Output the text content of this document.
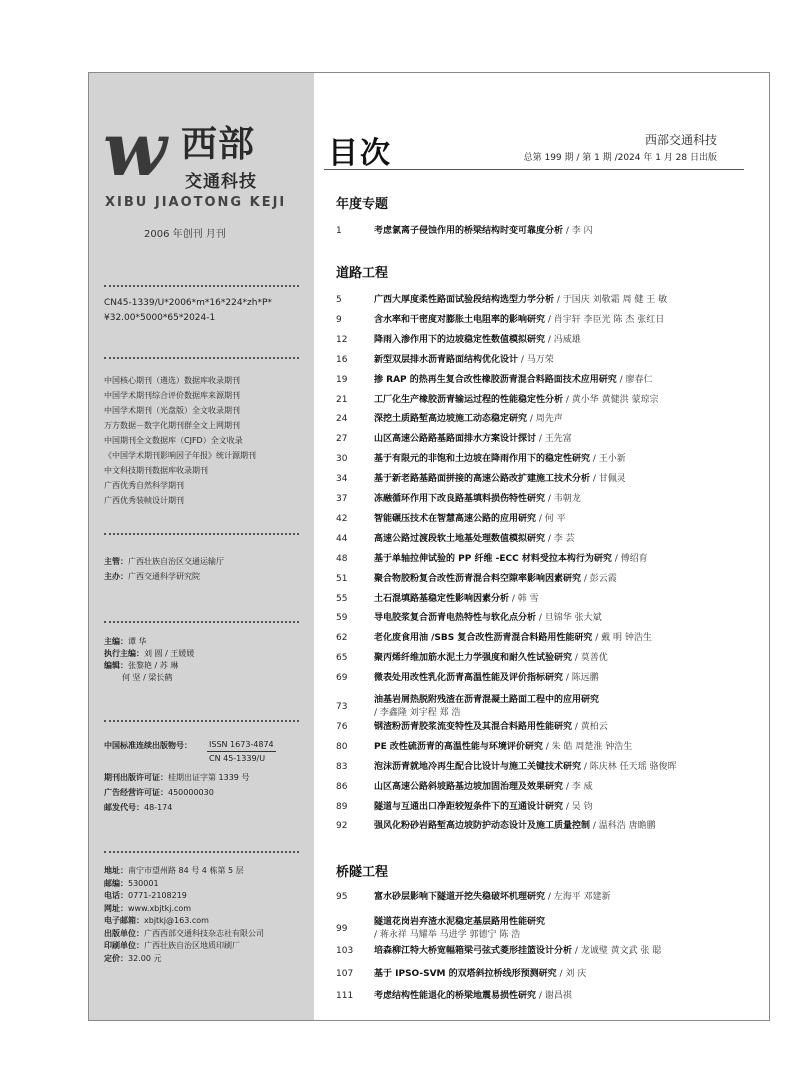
w 西部
交通科技
XIBU JIAOTONG KEJI
2006 年创刊 月刊
CN45-1339/U*2006*m*16*224*zh*P*
¥32.00*5000*65*2024-1
中国核心期刊（遴选）数据库收录期刊
中国学术期刊综合评价数据库来源期刊
中国学术期刊（光盘版）全文收录期刊
万方数据－数字化期刊群全文上网期刊
中国期刊全文数据库（CJFD）全文收录
《中国学术期刊影响因子年报》统计源期刊
中文科技期刊数据库收录期刊
广西优秀自然科学期刊
广西优秀装帧设计期刊
主管：广西壮族自治区交通运输厅
主办：广西交通科学研究院
主编：谭 华
执行主编：刘 圆 / 王媛媛
编辑：张黎艳 / 苏 琳
何 坚 / 梁长鹤
中国标准连续出版物号： ISSN 1673-4874
CN 45-1339/U
期刊出版许可证：桂期出证字第 1339 号
广告经营许可证：450000030
邮发代号：48-174
地址：南宁市望州路 84 号 4 栋第 5 层
邮编：530001
电话：0771-2108219
网址：www.xbjtkj.com
电子邮箱：xbjtkj@163.com
出版单位：广西西部交通科技杂志社有限公司
印刷单位：广西壮族自治区地质印刷厂
定价：32.00 元
目次	西部交通科技
总第 199 期 / 第 1 期 /2024 年 1 月 28 日出版
年度专题
1	考虑氯离子侵蚀作用的桥梁结构时变可靠度分析 / 李 闪
道路工程
5	广西大厚度柔性路面试验段结构选型力学分析 / 于国庆 刘敬霜 周 健 王 敏
9	含水率和干密度对膨胀土电阻率的影响研究 / 肖宇轩 李臣光 陈 杰 张红日
12	降雨入渗作用下的边坡稳定性数值模拟研究 / 冯威雄
16	新型双层排水沥青路面结构优化设计 / 马万荣
19	掺 RAP 的热再生复合改性橡胶沥青混合料路面技术应用研究 / 廖春仁
21	工厂化生产橡胶沥青输运过程的性能稳定性分析 / 黄小华 黄健洪 蒙琼宗
24	深挖土质路堑高边坡施工动态稳定研究 / 周先声
27	山区高速公路路基路面排水方案设计探讨 / 王先富
30	基于有限元的非饱和土边坡在降雨作用下的稳定性研究 / 王小新
34	基于新老路基路面拼接的高速公路改扩建施工技术分析 / 甘佩灵
37	冻融循环作用下改良路基填料损伤特性研究 / 韦朝龙
42	智能碾压技术在智慧高速公路的应用研究 / 何 平
44	高速公路过渡段软土地基处理数值模拟研究 / 李 芸
48	基于单轴拉伸试验的 PP 纤维 -ECC 材料受拉本构行为研究 / 傅绍育
51	聚合物胶粉复合改性沥青混合料空隙率影响因素研究 / 彭云霞
55	土石混填路基稳定性影响因素分析 / 韩 雪
59	导电胶浆复合沥青电热特性与软化点分析 / 旦锦华 张大斌
62	老化废食用油 /SBS 复合改性沥青混合料路用性能研究 / 戴 明 钟浩生
65	聚丙烯纤维加筋水泥土力学强度和耐久性试验研究 / 莫善优
69	微表处用改性乳化沥青高温性能及评价指标研究 / 陈远鹏
73
油基岩屑热脱附残渣在沥青混凝土路面工程中的应用研究
/ 李鑫隆 刘宇程 郑 浩
76	钢渣粉沥青胶浆流变特性及其混合料路用性能研究 / 黄柏云
80	PE 改性硫沥青的高温性能与环境评价研究 / 朱 皓 周楚淮 钟浩生
83	泡沫沥青就地冷再生配合比设计与施工关键技术研究 / 陈庆林 任天瑶 骆俊晖
86	山区高速公路斜坡路基边坡加固治理及效果研究 / 李 威
89	隧道与互通出口净距较短条件下的互通设计研究 / 吴 钧
92	强风化粉砂岩路堑高边坡防护动态设计及施工质量控制 / 温科浩 唐瞻鹏
桥隧工程
95	富水砂层影响下隧道开挖失稳破坏机理研究 / 左海平 邓建新
99
隧道花岗岩弃渣水泥稳定基层路用性能研究
/ 蒋永祥 马耀举 马进学 郭德宁 陈 浩
103	培森柳江特大桥宽幅箱梁弓弦式菱形挂篮设计分析 / 龙诚璧 黄文武 张 聪
107	基于 IPSO-SVM 的双塔斜拉桥线形预测研究 / 刘 庆
111	考虑结构性能退化的桥梁地震易损性研究 / 谢昌祺
